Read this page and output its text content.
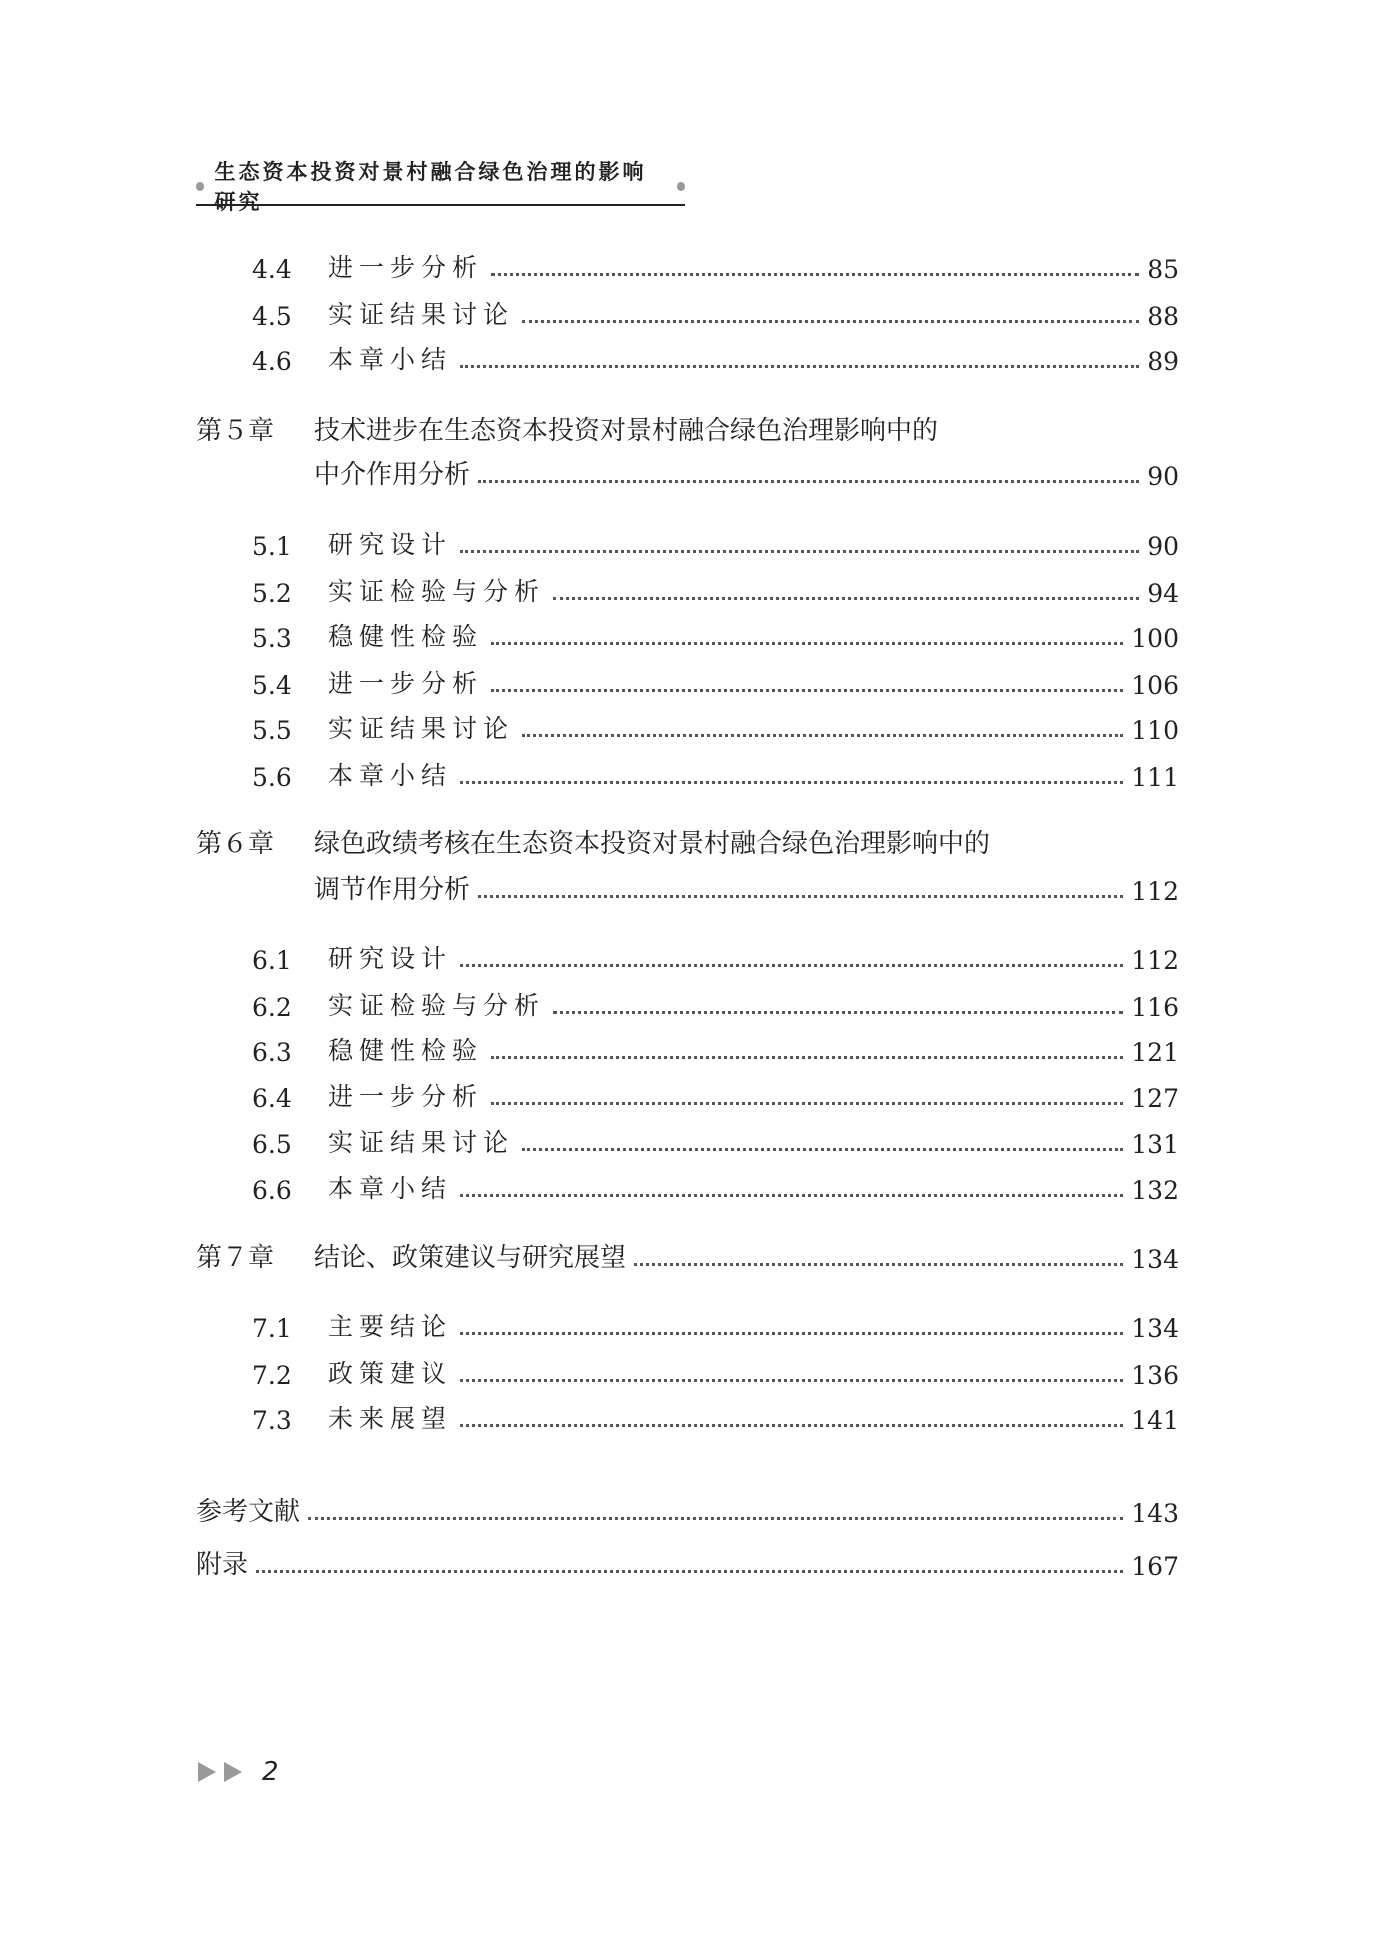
生态资本投资对景村融合绿色治理的影响研究
4.4	进一步分析	85
4.5	实证结果讨论	88
4.6	本章小结	89
第５章	技术进步在生态资本投资对景村融合绿色治理影响中的
中介作用分析	90
5.1	研究设计	90
5.2	实证检验与分析	94
5.3	稳健性检验	100
5.4	进一步分析	106
5.5	实证结果讨论	110
5.6	本章小结	111
第６章	绿色政绩考核在生态资本投资对景村融合绿色治理影响中的
调节作用分析	112
6.1	研究设计	112
6.2	实证检验与分析	116
6.3	稳健性检验	121
6.4	进一步分析	127
6.5	实证结果讨论	131
6.6	本章小结	132
第７章	结论、政策建议与研究展望	134
7.1	主要结论	134
7.2	政策建议	136
7.3	未来展望	141
参考文献	143
附录	167
2
